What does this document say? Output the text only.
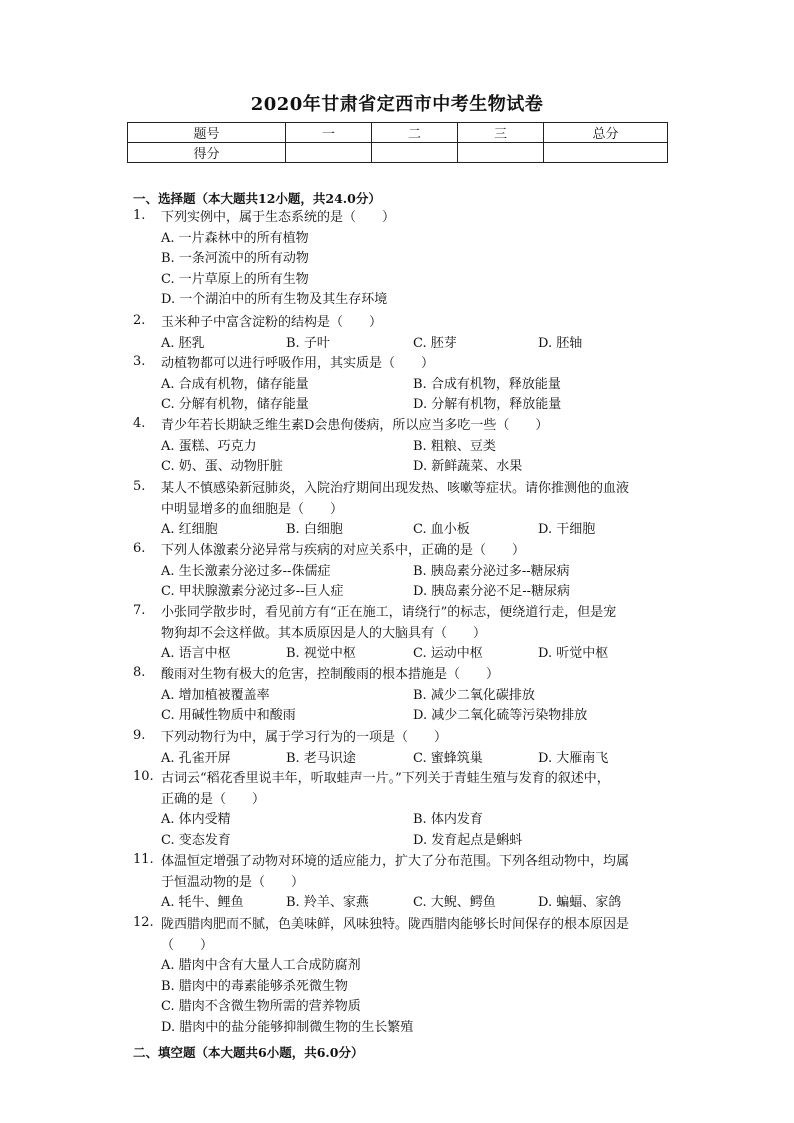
2020年甘肃省定西市中考生物试卷
题号	一	二	三	总分
得分				
一、选择题（本大题共12小题，共24.0分）
1. 下列实例中，属于生态系统的是（　　）
A. 一片森林中的所有植物
B. 一条河流中的所有动物
C. 一片草原上的所有生物
D. 一个湖泊中的所有生物及其生存环境
2. 玉米种子中富含淀粉的结构是（　　）
A. 胚乳	B. 子叶	C. 胚芽	D. 胚轴
3. 动植物都可以进行呼吸作用，其实质是（　　）
A. 合成有机物，储存能量	B. 合成有机物，释放能量
C. 分解有机物，储存能量	D. 分解有机物，释放能量
4. 青少年若长期缺乏维生素D会患佝偻病，所以应当多吃一些（　　）
A. 蛋糕、巧克力	B. 粗粮、豆类
C. 奶、蛋、动物肝脏	D. 新鲜蔬菜、水果
5. 某人不慎感染新冠肺炎，入院治疗期间出现发热、咳嗽等症状。请你推测他的血液
中明显增多的血细胞是（　　）
A. 红细胞	B. 白细胞	C. 血小板	D. 干细胞
6. 下列人体激素分泌异常与疾病的对应关系中，正确的是（　　）
A. 生长激素分泌过多--侏儒症	B. 胰岛素分泌过多--糖尿病
C. 甲状腺激素分泌过多--巨人症	D. 胰岛素分泌不足--糖尿病
7. 小张同学散步时，看见前方有“正在施工，请绕行”的标志，便绕道行走，但是宠
物狗却不会这样做。其本质原因是人的大脑具有（　　）
A. 语言中枢	B. 视觉中枢	C. 运动中枢	D. 听觉中枢
8. 酸雨对生物有极大的危害，控制酸雨的根本措施是（　　）
A. 增加植被覆盖率	B. 减少二氧化碳排放
C. 用碱性物质中和酸雨	D. 减少二氧化硫等污染物排放
9. 下列动物行为中，属于学习行为的一项是（　　）
A. 孔雀开屏	B. 老马识途	C. 蜜蜂筑巢	D. 大雁南飞
10. 古词云“稻花香里说丰年，听取蛙声一片。”下列关于青蛙生殖与发育的叙述中，
正确的是（　　）
A. 体内受精	B. 体内发育
C. 变态发育	D. 发育起点是蝌蚪
11. 体温恒定增强了动物对环境的适应能力，扩大了分布范围。下列各组动物中，均属
于恒温动物的是（　　）
A. 牦牛、鲤鱼	B. 羚羊、家燕	C. 大鲵、鳄鱼	D. 蝙蝠、家鸽
12. 陇西腊肉肥而不腻，色美味鲜，风味独特。陇西腊肉能够长时间保存的根本原因是
（　　）
A. 腊肉中含有大量人工合成防腐剂
B. 腊肉中的毒素能够杀死微生物
C. 腊肉不含微生物所需的营养物质
D. 腊肉中的盐分能够抑制微生物的生长繁殖
二、填空题（本大题共6小题，共6.0分）
